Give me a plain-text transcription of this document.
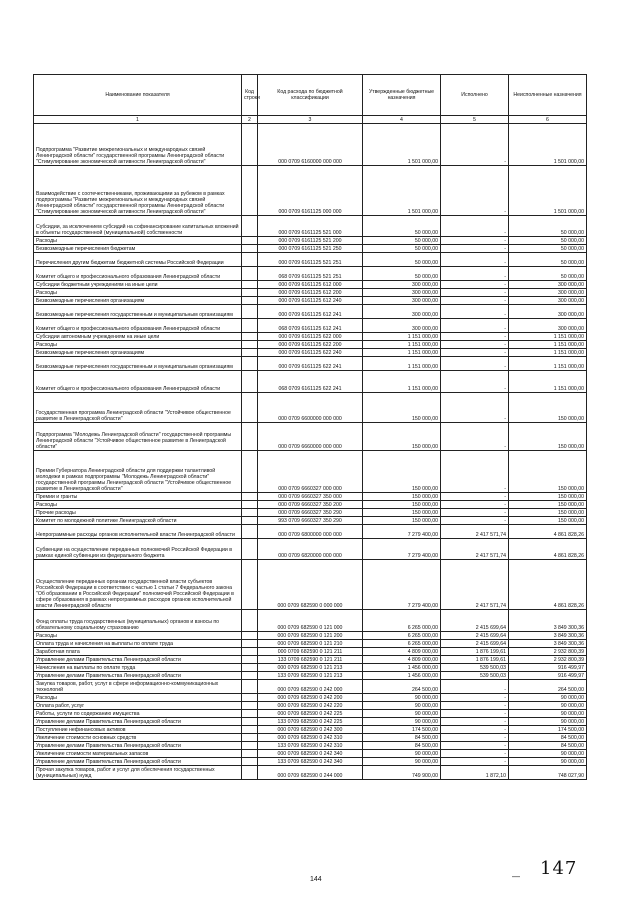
Наименование показателя	Код строки	Код расхода по бюджетной классификации	Утвержденные бюджетные назначения	Исполнено	Неисполненные назначения
1	2	3	4	5	6
Подпрограмма "Развитие межрегиональных и международных связей Ленинградской области" государственной программы Ленинградской области "Стимулирование экономической активности Ленинградской области"		000 0709 6160000 000 000	1 501 000,00	-	1 501 000,00
Взаимодействие с соотечественниками, проживающими за рубежом в рамках подпрограммы "Развитие межрегиональных и международных связей Ленинградской области" государственной программы Ленинградской области "Стимулирование экономической активности Ленинградской области"		000 0709 6161125 000 000	1 501 000,00	-	1 501 000,00
Субсидии, за исключением субсидий на софинансирование капитальных вложений в объекты государственной (муниципальной) собственности		000 0709 6161125 521 000	50 000,00	-	50 000,00
Расходы		000 0709 6161125 521 200	50 000,00	-	50 000,00
Безвозмездные перечисления бюджетам		000 0709 6161125 521 250	50 000,00	-	50 000,00
Перечисления другим бюджетам бюджетной системы Российской Федерации		000 0709 6161125 521 251	50 000,00	-	50 000,00
Комитет общего и профессионального образования Ленинградской области		068 0709 6161125 521 251	50 000,00	-	50 000,00
Субсидии бюджетным учреждениям на иные цели		000 0709 6161125 612 000	300 000,00	-	300 000,00
Расходы		000 0709 6161125 612 200	300 000,00	-	300 000,00
Безвозмездные перечисления организациям		000 0709 6161125 612 240	300 000,00	-	300 000,00
Безвозмездные перечисления государственным и муниципальным организациям		000 0709 6161125 612 241	300 000,00	-	300 000,00
Комитет общего и профессионального образования Ленинградской области		068 0709 6161125 612 241	300 000,00	-	300 000,00
Субсидии автономным учреждениям на иные цели		000 0709 6161125 622 000	1 151 000,00	-	1 151 000,00
Расходы		000 0709 6161125 622 200	1 151 000,00	-	1 151 000,00
Безвозмездные перечисления организациям		000 0709 6161125 622 240	1 151 000,00	-	1 151 000,00
Безвозмездные перечисления государственным и муниципальным организациям		000 0709 6161125 622 241	1 151 000,00	-	1 151 000,00
Комитет общего и профессионального образования Ленинградской области		068 0709 6161125 622 241	1 151 000,00	-	1 151 000,00
Государственная программа Ленинградской области "Устойчивое общественное развитие в Ленинградской области"		000 0709 6600000 000 000	150 000,00	-	150 000,00
Подпрограмма "Молодежь Ленинградской области" государственной программы Ленинградской области "Устойчивое общественное развитие в Ленинградской области"		000 0709 6660000 000 000	150 000,00	-	150 000,00
Премии Губернатора Ленинградской области для поддержки талантливой молодежи в рамках подпрограммы "Молодежь Ленинградской области" государственной программы Ленинградской области "Устойчивое общественное развитие в Ленинградской области"		000 0709 6660327 000 000	150 000,00	-	150 000,00
Премии и гранты		000 0709 6660327 350 000	150 000,00	-	150 000,00
Расходы		000 0709 6660327 350 200	150 000,00	-	150 000,00
Прочие расходы		000 0709 6660327 350 290	150 000,00	-	150 000,00
Комитет по молодежной политике Ленинградской области		993 0709 6660327 350 290	150 000,00	-	150 000,00
Непрограммные расходы органов исполнительной власти Ленинградской области		000 0709 6800000 000 000	7 279 400,00	2 417 571,74	4 861 828,26
Субвенции на осуществление переданных полномочий Российской Федерации в рамках единой субвенции из федерального бюджета		000 0709 6820000 000 000	7 279 400,00	2 417 571,74	4 861 828,26
Осуществление переданных органам государственной власти субъектов Российской Федерации в соответствии с частью 1 статьи 7 Федерального закона "Об образовании в Российской Федерации" полномочий Российской Федерации в сфере образования в рамках непрограммных расходов органов исполнительной власти Ленинградской области		000 0709 682590 0 000 000	7 279 400,00	2 417 571,74	4 861 828,26
Фонд оплаты труда государственных (муниципальных) органов и взносы по обязательному социальному страхованию		000 0709 682590 0 121 000	6 265 000,00	2 415 699,64	3 849 300,36
Расходы		000 0709 682590 0 121 200	6 265 000,00	2 415 699,64	3 849 300,36
Оплата труда и начисления на выплаты по оплате труда		000 0709 682590 0 121 210	6 265 000,00	2 415 699,64	3 849 300,36
Заработная плата		000 0709 682590 0 121 211	4 809 000,00	1 876 199,61	2 932 800,39
Управление делами Правительства Ленинградской области		133 0709 682590 0 121 211	4 809 000,00	1 876 199,61	2 932 800,39
Начисления на выплаты по оплате труда		000 0709 682590 0 121 213	1 456 000,00	539 500,03	916 499,97
Управление делами Правительства Ленинградской области		133 0709 682590 0 121 213	1 456 000,00	539 500,03	916 499,97
Закупка товаров, работ, услуг в сфере информационно-коммуникационных технологий		000 0709 682590 0 242 000	264 500,00	-	264 500,00
Расходы		000 0709 682590 0 242 200	90 000,00	-	90 000,00
Оплата работ, услуг		000 0709 682590 0 242 220	90 000,00	-	90 000,00
Работы, услуги по содержанию имущества		000 0709 682590 0 242 225	90 000,00	-	90 000,00
Управление делами Правительства Ленинградской области		133 0709 682590 0 242 225	90 000,00	-	90 000,00
Поступление нефинансовых активов		000 0709 682590 0 242 300	174 500,00	-	174 500,00
Увеличение стоимости основных средств		000 0709 682590 0 242 310	84 500,00	-	84 500,00
Управление делами Правительства Ленинградской области		133 0709 682590 0 242 310	84 500,00	-	84 500,00
Увеличение стоимости материальных запасов		000 0709 682590 0 242 340	90 000,00	-	90 000,00
Управление делами Правительства Ленинградской области		133 0709 682590 0 242 340	90 000,00	-	90 000,00
Прочая закупка товаров, работ и услуг для обеспечения государственных (муниципальных) нужд		000 0709 682590 0 244 000	749 900,00	1 872,10	748 027,90
144	— 147
